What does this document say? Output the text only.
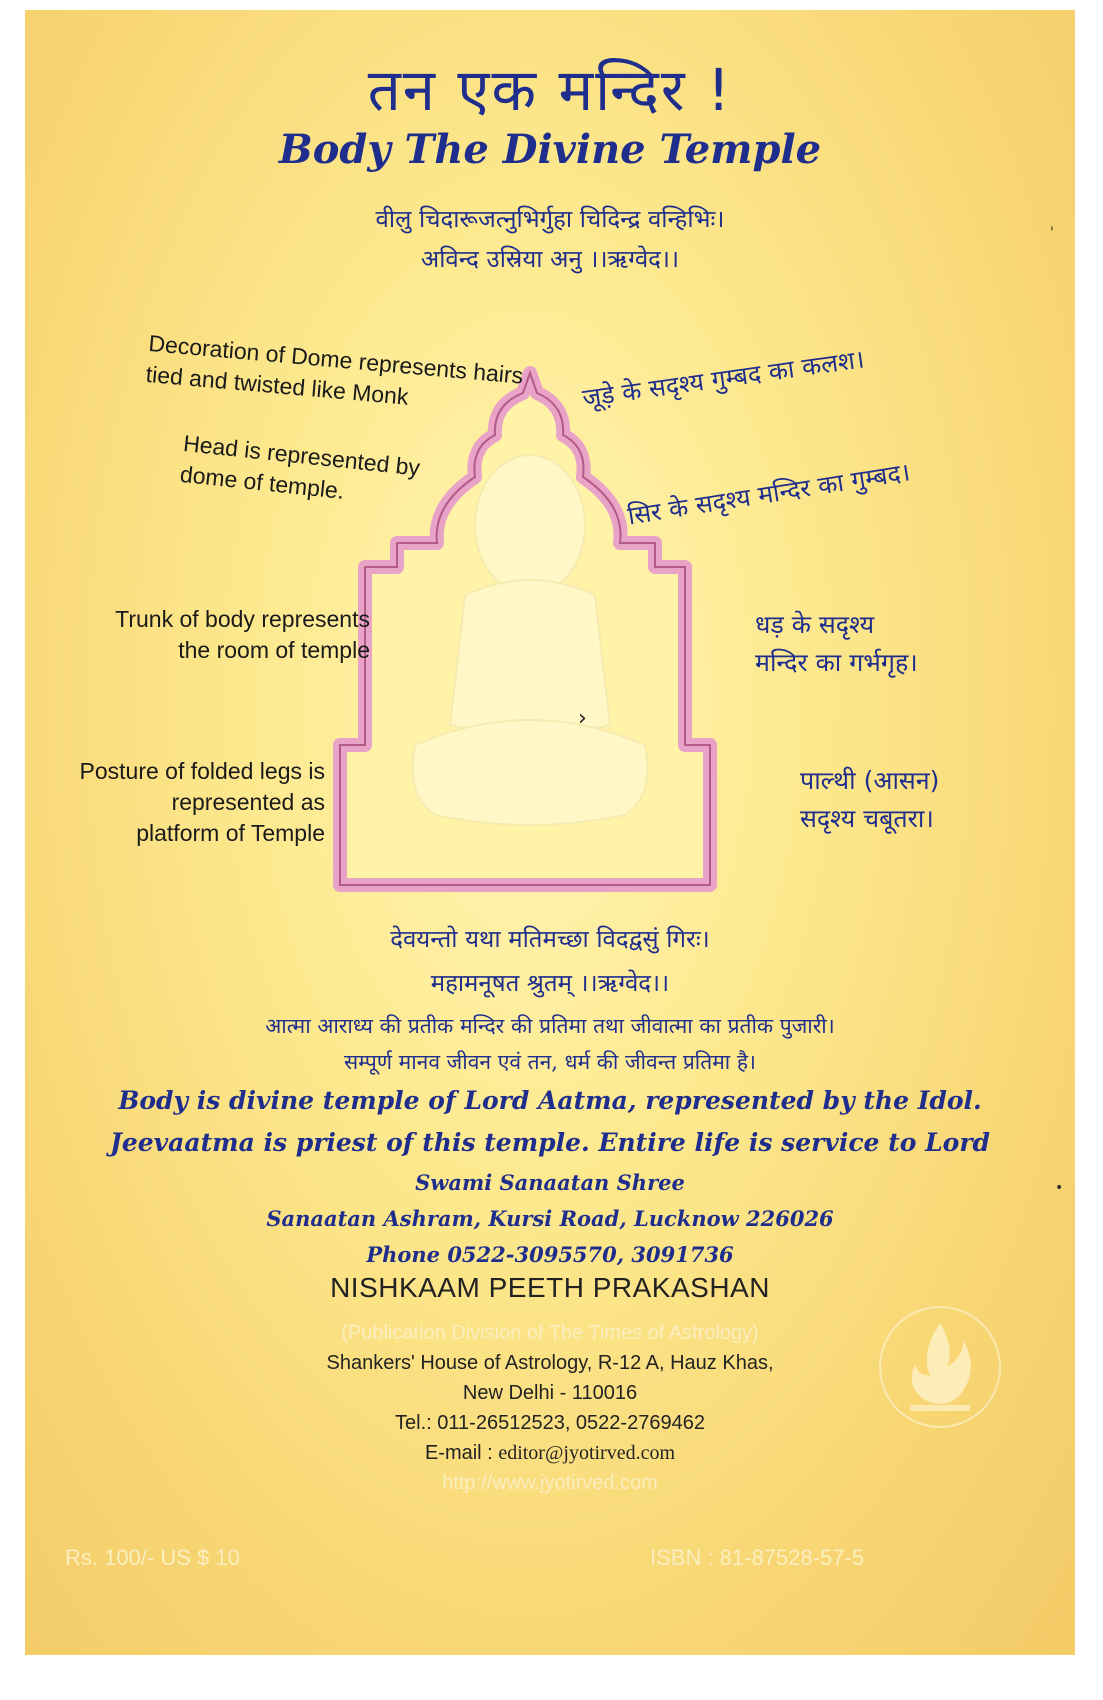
तन एक मन्दिर !
Body The Divine Temple
वीलु चिदारूजत्नुभिर्गुहा चिदिन्द्र वन्हिभिः।
अविन्द उस्रिया अनु ।।ऋग्वेद।।
›
Decoration of Dome represents hairs tied and twisted like Monk
Head is represented by dome of temple.
Trunk of body represents
the room of temple
Posture of folded legs is
represented as
platform of Temple
जूड़े के सदृश्य गुम्बद का कलश।
सिर के सदृश्य मन्दिर का गुम्बद।
धड़ के सदृश्य
मन्दिर का गर्भगृह।
पाल्थी (आसन)
सदृश्य चबूतरा।
देवयन्तो यथा मतिमच्छा विदद्वसुं गिरः।
महामनूषत श्रुतम् ।।ऋग्वेद।।
आत्मा आराध्य की प्रतीक मन्दिर की प्रतिमा तथा जीवात्मा का प्रतीक पुजारी।
सम्पूर्ण मानव जीवन एवं तन, धर्म की जीवन्त प्रतिमा है।
Body is divine temple of Lord Aatma, represented by the Idol.
Jeevaatma is priest of this temple. Entire life is service to Lord
Swami Sanaatan Shree
Sanaatan Ashram, Kursi Road, Lucknow 226026
Phone 0522-3095570, 3091736
NISHKAAM PEETH PRAKASHAN
(Publication Division of The Times of Astrology)
Shankers' House of Astrology, R-12 A, Hauz Khas,
New Delhi - 110016
Tel.: 011-26512523, 0522-2769462
E-mail : editor@jyotirved.com
http://www.jyotirved.com
Rs. 100/- US $ 10	ISBN : 81-87528-57-5
'
•
